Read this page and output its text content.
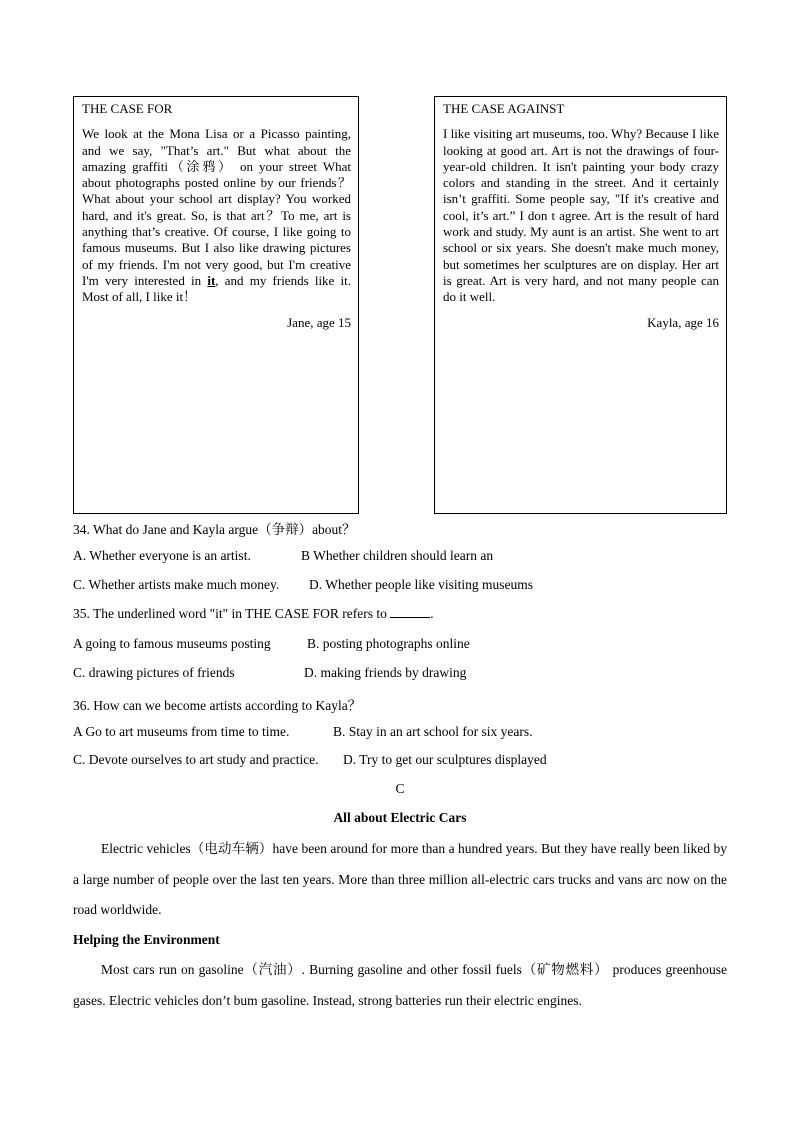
THE CASE FOR

We look at the Mona Lisa or a Picasso painting, and we say, "That’s art." But what about the amazing graffiti（涂鸦） on your street What about photographs posted online by our friends？ What about your school art display? You worked hard, and it's great. So, is that art？To me, art is anything that’s creative. Of course, I like going to famous museums. But I also like drawing pictures of my friends. I'm not very good, but I'm creative I'm very interested in it, and my friends like it. Most of all, I like it！

Jane, age 15
THE CASE AGAINST

I like visiting art museums, too. Why? Because I like looking at good art. Art is not the drawings of four-year-old children. It isn't painting your body crazy colors and standing in the street. And it certainly isn’t graffiti. Some people say, "If it's creative and cool, it’s art.” I don t agree. Art is the result of hard work and study. My aunt is an artist. She went to art school or six years. She doesn't make much money, but sometimes her sculptures are on display. Her art is great. Art is very hard, and not many people can do it well.

Kayla, age 16
34. What do Jane and Kayla argue（争辩）about？
A. Whether everyone is an artist.	B Whether children should learn an
C. Whether artists make much money. D. Whether people like visiting museums
35. The underlined word "it" in THE CASE FOR refers to	.
A going to famous museums posting	B. posting photographs online
C. drawing pictures of friends	D. making friends by drawing
36. How can we become artists according to Kayla？
A Go to art museums from time to time.	B. Stay in an art school for six years.
C. Devote ourselves to art study and practice. D. Try to get our sculptures displayed
C
All about Electric Cars

Electric vehicles（电动车辆）have been around for more than a hundred years. But they have really been liked by a large number of people over the last ten years. More than three million all-electric cars trucks and vans arc now on the road worldwide.

Helping the Environment

Most cars run on gasoline（汽油）. Burning gasoline and other fossil fuels（矿物燃料） produces greenhouse gases. Electric vehicles don’t bum gasoline. Instead, strong batteries run their electric engines.
